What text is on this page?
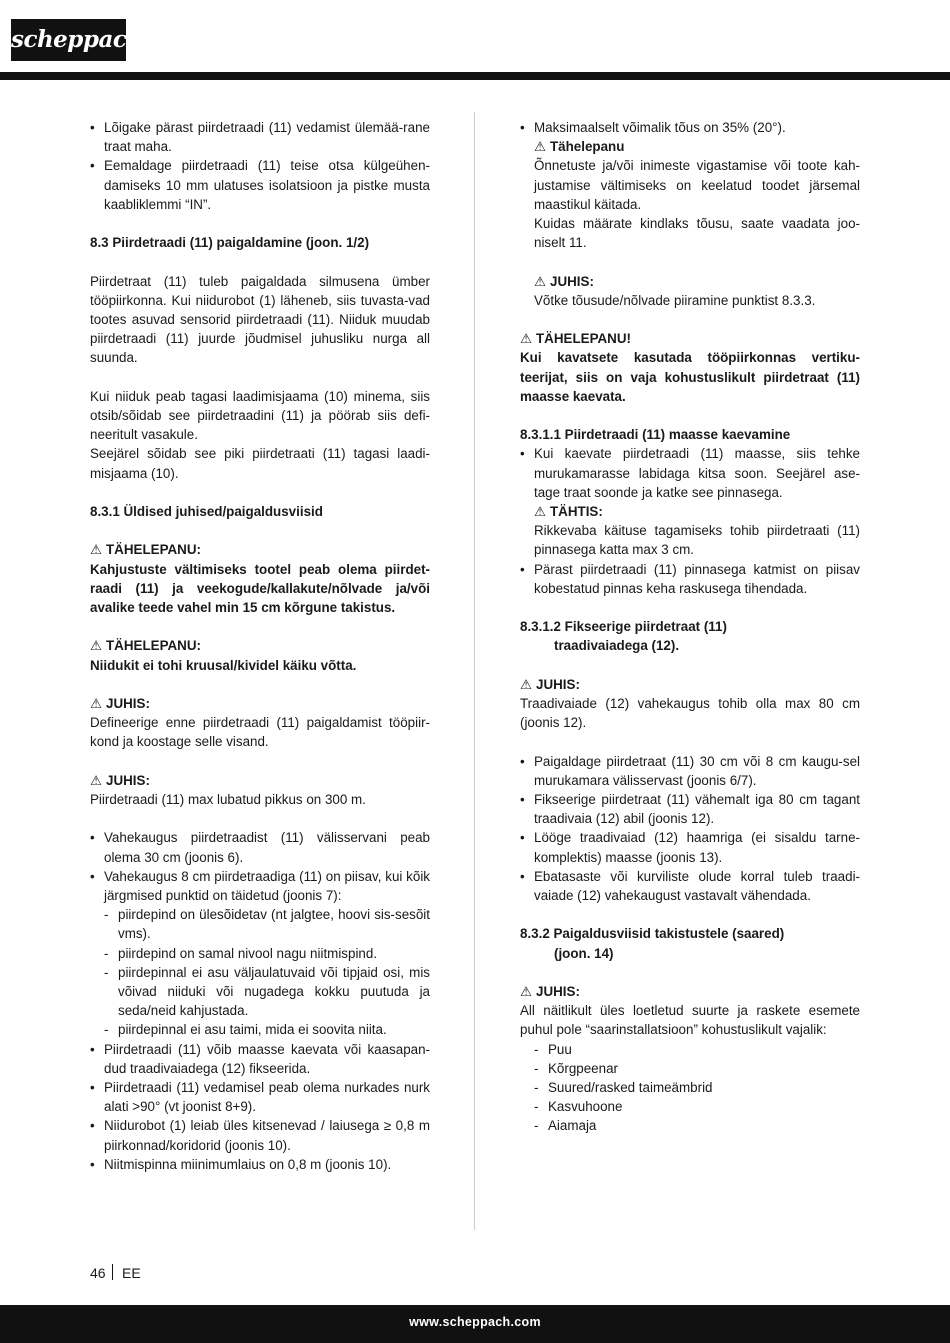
scheppach

• Lõigake pärast piirdetraadi (11) vedamist ülemää-rane traat maha.

• Eemaldage piirdetraadi (11) teise otsa külgeühen-damiseks 10 mm ulatuses isolatsioon ja pistke musta kaabliklemmi “IN”.

8.3 Piirdetraadi (11) paigaldamine (joon. 1/2)

Piirdetraat (11) tuleb paigaldada silmusena ümber tööpiirkonna. Kui niidurobot (1) läheneb, siis tuvasta-vad tootes asuvad sensorid piirdetraadi (11). Niiduk muudab piirdetraadi (11) juurde jõudmisel juhusliku nurga all suunda.

Kui niiduk peab tagasi laadimisjaama (10) minema, siis otsib/sõidab see piirdetraadini (11) ja pöörab siis defi-neeritult vasakule.

Seejärel sõidab see piki piirdetraati (11) tagasi laadi-misjaama (10).

8.3.1 Üldised juhised/paigaldusviisid

⚠ TÄHELEPANU:

Kahjustuste vältimiseks tootel peab olema piirdet-raadi (11) ja veekogude/kallakute/nõlvade ja/või avalike teede vahel min 15 cm kõrgune takistus.

⚠ TÄHELEPANU:

Niidukit ei tohi kruusal/kividel käiku võtta.

⚠ JUHIS:

Defineerige enne piirdetraadi (11) paigaldamist tööpiir-kond ja koostage selle visand.

⚠ JUHIS:

Piirdetraadi (11) max lubatud pikkus on 300 m.

• Vahekaugus piirdetraadist (11) välisservani peab olema 30 cm (joonis 6).

• Vahekaugus 8 cm piirdetraadiga (11) on piisav, kui kõik järgmised punktid on täidetud (joonis 7):

- piirdepind on ülesõidetav (nt jalgtee, hoovi sis-sesõit vms).

- piirdepind on samal nivool nagu niitmispind.

- piirdepinnal ei asu väljaulatuvaid või tipjaid osi, mis võivad niiduki või nugadega kokku puutuda ja seda/neid kahjustada.

- piirdepinnal ei asu taimi, mida ei soovita niita.

• Piirdetraadi (11) võib maasse kaevata või kaasapan-dud traadivaiadega (12) fikseerida.

• Piirdetraadi (11) vedamisel peab olema nurkades nurk alati >90° (vt joonist 8+9).

• Niidurobot (1) leiab üles kitsenevad / laiusega ≥ 0,8 m piirkonnad/koridorid (joonis 10).

• Niitmispinna miinimumlaius on 0,8 m (joonis 10).

• Maksimaalselt võimalik tõus on 35% (20°).

⚠ Tähelepanu

Õnnetuste ja/või inimeste vigastamise või toote kah-justamise vältimiseks on keelatud toodet järsemal maastikul käitada.

Kuidas määrate kindlaks tõusu, saate vaadata joo-niselt 11.

⚠ JUHIS:

Võtke tõusude/nõlvade piiramine punktist 8.3.3.

⚠ TÄHELEPANU!

Kui kavatsete kasutada tööpiirkonnas vertiku-teerijat, siis on vaja kohustuslikult piirdetraat (11) maasse kaevata.

8.3.1.1 Piirdetraadi (11) maasse kaevamine

• Kui kaevate piirdetraadi (11) maasse, siis tehke murukamarasse labidaga kitsa soon. Seejärel ase-tage traat soonde ja katke see pinnasega.

⚠ TÄHTIS:

Rikkevaba käituse tagamiseks tohib piirdetraati (11) pinnasega katta max 3 cm.

• Pärast piirdetraadi (11) pinnasega katmist on piisav kobestatud pinnas keha raskusega tihendada.

8.3.1.2 Fikseerige piirdetraat (11)

traadivaiadega (12).

⚠ JUHIS:

Traadivaiade (12) vahekaugus tohib olla max 80 cm (joonis 12).

• Paigaldage piirdetraat (11) 30 cm või 8 cm kaugu-sel murukamara välisservast (joonis 6/7).

• Fikseerige piirdetraat (11) vähemalt iga 80 cm tagant traadivaia (12) abil (joonis 12).

• Lööge traadivaiad (12) haamriga (ei sisaldu tarne-komplektis) maasse (joonis 13).

• Ebatasaste või kurviliste olude korral tuleb traadi-vaiade (12) vahekaugust vastavalt vähendada.

8.3.2 Paigaldusviisid takistustele (saared)

(joon. 14)

⚠ JUHIS:

All näitlikult üles loetletud suurte ja raskete esemete puhul pole “saarinstallatsioon” kohustuslikult vajalik:

- Puu

- Kõrgpeenar

- Suured/rasked taimeämbrid

- Kasvuhoone

- Aiamaja

46 EE
www.scheppach.com
